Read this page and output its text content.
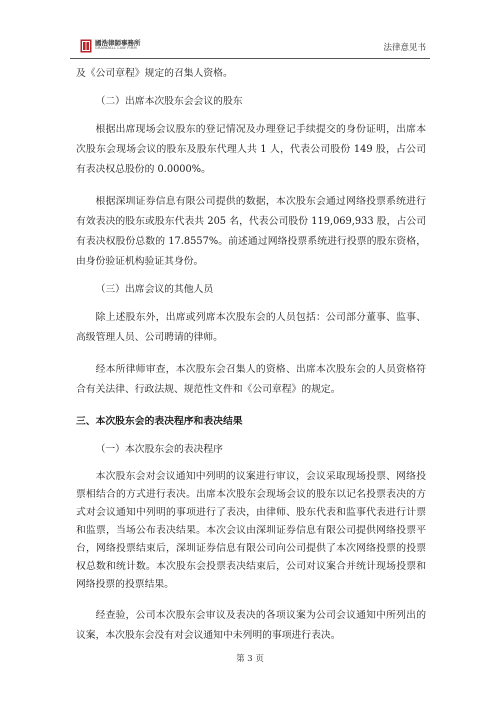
國浩律師事務所
GRANDALL LAW FIRM	法律意见书

及《公司章程》规定的召集人资格。

（二）出席本次股东会会议的股东

根据出席现场会议股东的登记情况及办理登记手续提交的身份证明，出席本次股东会现场会议的股东及股东代理人共 1 人，代表公司股份 149 股，占公司有表决权总股份的 0.0000%。

根据深圳证券信息有限公司提供的数据，本次股东会通过网络投票系统进行有效表决的股东或股东代表共 205 名，代表公司股份 119,069,933 股，占公司有表决权股份总数的 17.8557%。前述通过网络投票系统进行投票的股东资格，由身份验证机构验证其身份。

（三）出席会议的其他人员

除上述股东外，出席或列席本次股东会的人员包括：公司部分董事、监事、高级管理人员、公司聘请的律师。

经本所律师审查，本次股东会召集人的资格、出席本次股东会的人员资格符合有关法律、行政法规、规范性文件和《公司章程》的规定。

三、本次股东会的表决程序和表决结果

（一）本次股东会的表决程序

本次股东会对会议通知中列明的议案进行审议，会议采取现场投票、网络投票相结合的方式进行表决。出席本次股东会现场会议的股东以记名投票表决的方式对会议通知中列明的事项进行了表决，由律师、股东代表和监事代表进行计票和监票，当场公布表决结果。本次会议由深圳证券信息有限公司提供网络投票平台，网络投票结束后，深圳证券信息有限公司向公司提供了本次网络投票的投票权总数和统计数。本次股东会投票表决结束后，公司对议案合并统计现场投票和网络投票的投票结果。

经查验，公司本次股东会审议及表决的各项议案为公司会议通知中所列出的议案，本次股东会没有对会议通知中未列明的事项进行表决。

第 3 页
